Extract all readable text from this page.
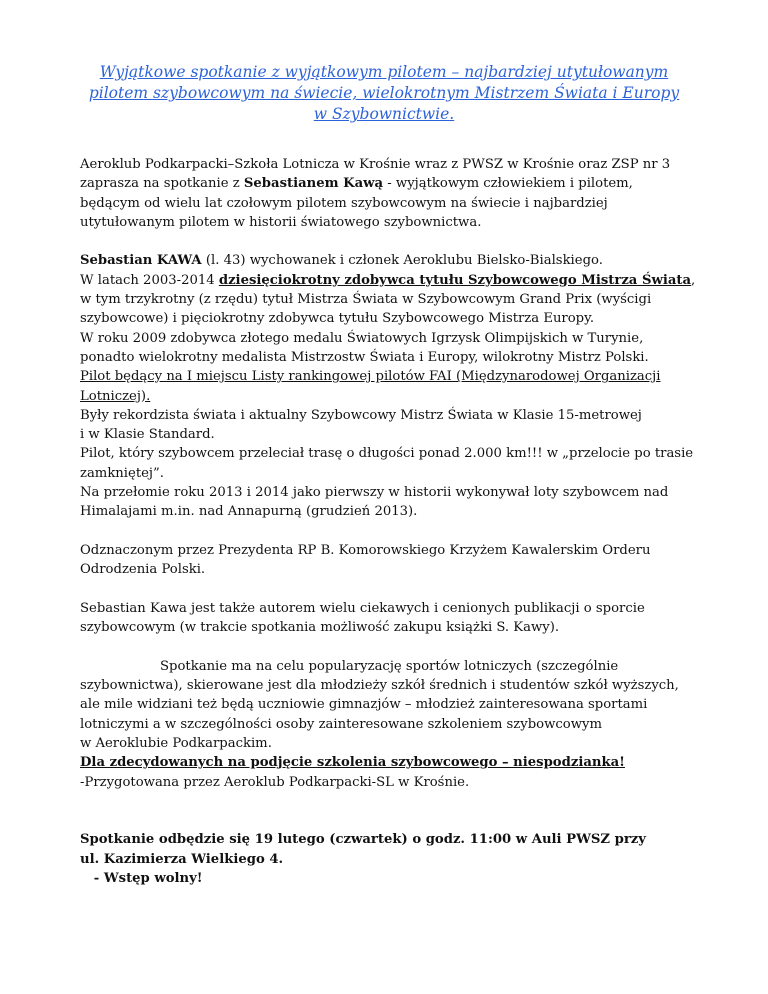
Wyjątkowe spotkanie z wyjątkowym pilotem – najbardziej utytułowanym
pilotem szybowcowym na świecie, wielokrotnym Mistrzem Świata i Europy
w Szybownictwie.
Aeroklub Podkarpacki–Szkoła Lotnicza w Krośnie wraz z PWSZ w Krośnie oraz ZSP nr 3
zaprasza na spotkanie z Sebastianem Kawą - wyjątkowym człowiekiem i pilotem,
będącym od wielu lat czołowym pilotem szybowcowym na świecie i najbardziej
utytułowanym pilotem w historii światowego szybownictwa.
Sebastian KAWA (l. 43) wychowanek i członek Aeroklubu Bielsko-Bialskiego.
W latach 2003-2014 dziesięciokrotny zdobywca tytułu Szybowcowego Mistrza Świata,
w tym trzykrotny (z rzędu) tytuł Mistrza Świata w Szybowcowym Grand Prix (wyścigi
szybowcowe) i pięciokrotny zdobywca tytułu Szybowcowego Mistrza Europy.
W roku 2009 zdobywca złotego medalu Światowych Igrzysk Olimpijskich w Turynie,
ponadto wielokrotny medalista Mistrzostw Świata i Europy, wilokrotny Mistrz Polski.
Pilot będący na I miejscu Listy rankingowej pilotów FAI (Międzynarodowej Organizacji
Lotniczej).
Były rekordzista świata i aktualny Szybowcowy Mistrz Świata w Klasie 15-metrowej
i w Klasie Standard.
Pilot, który szybowcem przeleciał trasę o długości ponad 2.000 km!!! w „przelocie po trasie
zamkniętej”.
Na przełomie roku 2013 i 2014 jako pierwszy w historii wykonywał loty szybowcem nad
Himalajami m.in. nad Annapurną (grudzień 2013).
Odznaczonym przez Prezydenta RP B. Komorowskiego Krzyżem Kawalerskim Orderu
Odrodzenia Polski.
Sebastian Kawa jest także autorem wielu ciekawych i cenionych publikacji o sporcie
szybowcowym (w trakcie spotkania możliwość zakupu książki S. Kawy).
Spotkanie ma na celu popularyzację sportów lotniczych (szczególnie
szybownictwa), skierowane jest dla młodzieży szkół średnich i studentów szkół wyższych,
ale mile widziani też będą uczniowie gimnazjów – młodzież zainteresowana sportami
lotniczymi a w szczególności osoby zainteresowane szkoleniem szybowcowym
w Aeroklubie Podkarpackim.
Dla zdecydowanych na podjęcie szkolenia szybowcowego – niespodzianka!
-Przygotowana przez Aeroklub Podkarpacki-SL w Krośnie.
Spotkanie odbędzie się 19 lutego (czwartek) o godz. 11:00 w Auli PWSZ przy
ul. Kazimierza Wielkiego 4.
- Wstęp wolny!
